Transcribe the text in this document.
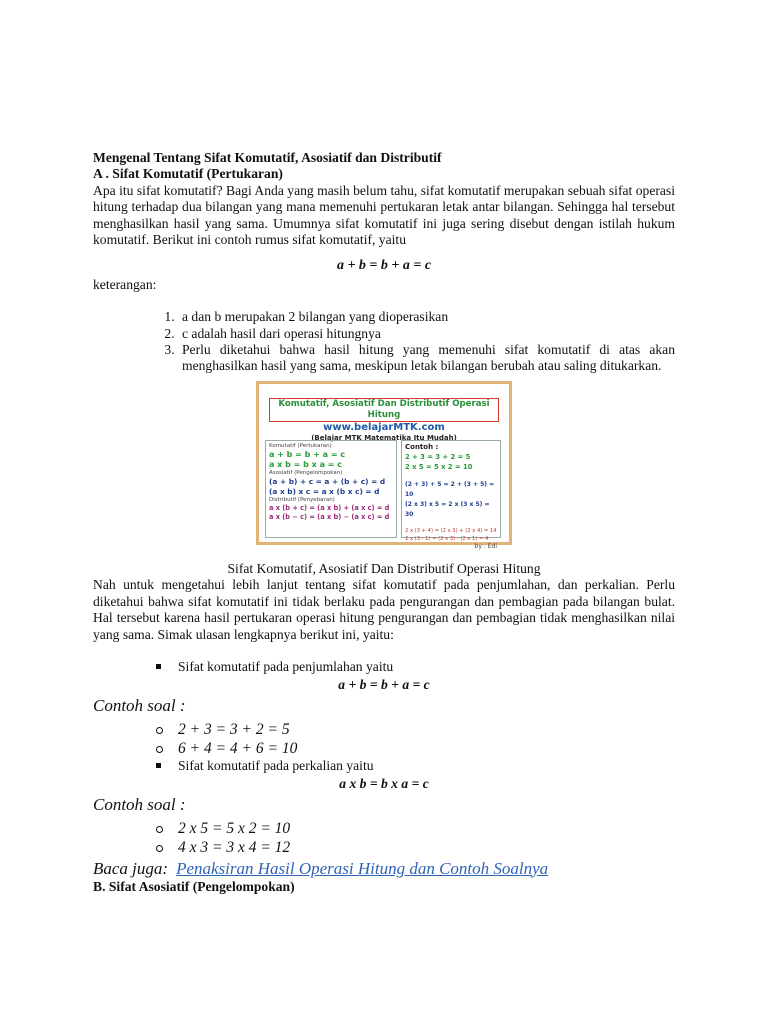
Mengenal Tentang Sifat Komutatif, Asosiatif dan Distributif
A . Sifat Komutatif (Pertukaran)
Apa itu sifat komutatif? Bagi Anda yang masih belum tahu, sifat komutatif merupakan sebuah sifat operasi hitung terhadap dua bilangan yang mana memenuhi pertukaran letak antar bilangan. Sehingga hal tersebut menghasilkan hasil yang sama. Umumnya sifat komutatif ini juga sering disebut dengan istilah hukum komutatif. Berikut ini contoh rumus sifat komutatif, yaitu
a + b = b + a = c
keterangan:
1. a dan b merupakan 2 bilangan yang dioperasikan
2. c adalah hasil dari operasi hitungnya
3. Perlu diketahui bahwa hasil hitung yang memenuhi sifat komutatif di atas akan menghasilkan hasil yang sama, meskipun letak bilangan berubah atau saling ditukarkan.
Komutatif, Asosiatif Dan Distributif Operasi Hitung
www.belajarMTK.com
(Belajar MTK Matematika Itu Mudah)
Komutatif (Pertukaran)
a + b = b + a = c
a x b = b x a = c
Asosiatif (Pengelompokan)
(a + b) + c = a + (b + c) = d
(a x b) x c = a x (b x c) = d
Distributif (Penyebaran)
a x (b + c) = (a x b) + (a x c) = d
a x (b − c) = (a x b) − (a x c) = d
Contoh :
2 + 3 = 3 + 2 = 5
2 x 5 = 5 x 2 = 10
(2 + 3) + 5 = 2 + (3 + 5) = 10
(2 x 3) x 5 = 2 x (3 x 5) = 30
2 x (3 + 4) = (2 x 3) + (2 x 4) = 14
2 x (3 - 1) = (2 x 3) - (2 x 1) = 4
by : Edi
Sifat Komutatif, Asosiatif Dan Distributif Operasi Hitung
Nah untuk mengetahui lebih lanjut tentang sifat komutatif pada penjumlahan, dan perkalian. Perlu diketahui bahwa sifat komutatif ini tidak berlaku pada pengurangan dan pembagian pada bilangan bulat. Hal tersebut karena hasil pertukaran operasi hitung pengurangan dan pembagian tidak menghasilkan nilai yang sama. Simak ulasan lengkapnya berikut ini, yaitu:
Sifat komutatif pada penjumlahan yaitu
a + b = b + a = c
Contoh soal :
2 + 3 = 3 + 2 = 5
6 + 4 = 4 + 6 = 10
Sifat komutatif pada perkalian yaitu
a x b = b x a = c
Contoh soal :
2 x 5 = 5 x 2 = 10
4 x 3 = 3 x 4 = 12
Baca juga: Penaksiran Hasil Operasi Hitung dan Contoh Soalnya
B. Sifat Asosiatif (Pengelompokan)
